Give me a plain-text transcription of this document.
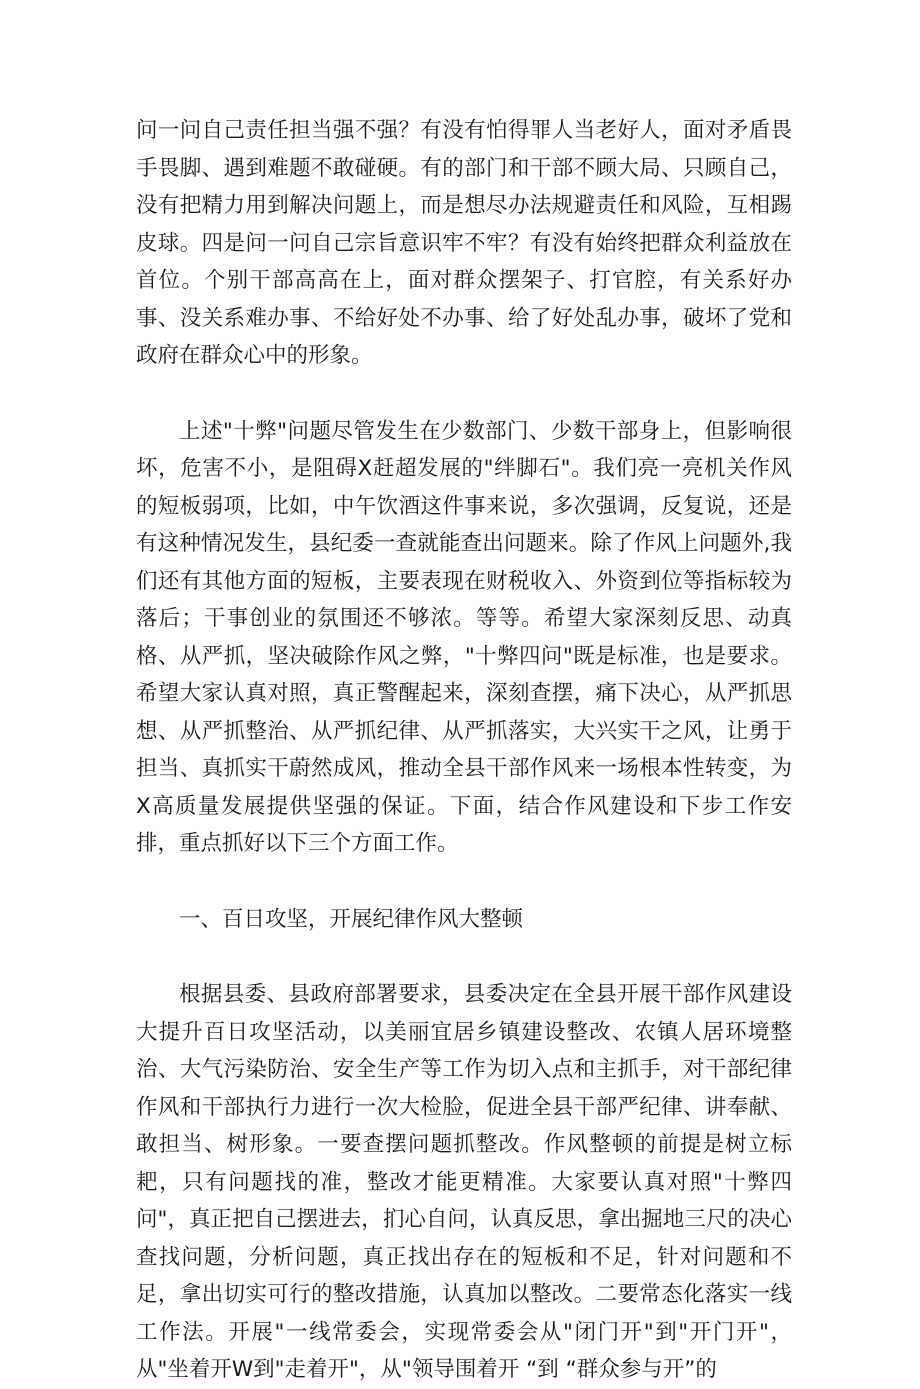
问一问自己责任担当强不强？有没有怕得罪人当老好人，面对矛盾畏手畏脚、遇到难题不敢碰硬。有的部门和干部不顾大局、只顾自己，没有把精力用到解决问题上，而是想尽办法规避责任和风险，互相踢皮球。四是问一问自己宗旨意识牢不牢？有没有始终把群众利益放在首位。个别干部高高在上，面对群众摆架子、打官腔，有关系好办事、没关系难办事、不给好处不办事、给了好处乱办事，破坏了党和政府在群众心中的形象。

上述"十弊"问题尽管发生在少数部门、少数干部身上，但影响很坏，危害不小，是阻碍X赶超发展的"绊脚石"。我们亮一亮机关作风的短板弱项，比如，中午饮酒这件事来说，多次强调，反复说，还是有这种情况发生，县纪委一查就能查出问题来。除了作风上问题外,我们还有其他方面的短板，主要表现在财税收入、外资到位等指标较为落后；干事创业的氛围还不够浓。等等。希望大家深刻反思、动真格、从严抓，坚决破除作风之弊，"十弊四问"既是标准，也是要求。希望大家认真对照，真正警醒起来，深刻查摆，痛下决心，从严抓思想、从严抓整治、从严抓纪律、从严抓落实，大兴实干之风，让勇于担当、真抓实干蔚然成风，推动全县干部作风来一场根本性转变，为X高质量发展提供坚强的保证。下面，结合作风建设和下步工作安排，重点抓好以下三个方面工作。

一、百日攻坚，开展纪律作风大整顿

根据县委、县政府部署要求，县委决定在全县开展干部作风建设大提升百日攻坚活动，以美丽宜居乡镇建设整改、农镇人居环境整治、大气污染防治、安全生产等工作为切入点和主抓手，对干部纪律作风和干部执行力进行一次大检脸，促进全县干部严纪律、讲奉献、敢担当、树形象。一要查摆问题抓整改。作风整顿的前提是树立标耙，只有问题找的准，整改才能更精准。大家要认真对照"十弊四问"，真正把自己摆进去，扪心自问，认真反思，拿出掘地三尺的决心查找问题，分析问题，真正找出存在的短板和不足，针对问题和不足，拿出切实可行的整改措施，认真加以整改。二要常态化落实一线工作法。开展"一线常委会，实现常委会从"闭门开"到"开门开"，从"坐着开W到"走着开"，从"领导围着开 “到 “群众参与开”的
